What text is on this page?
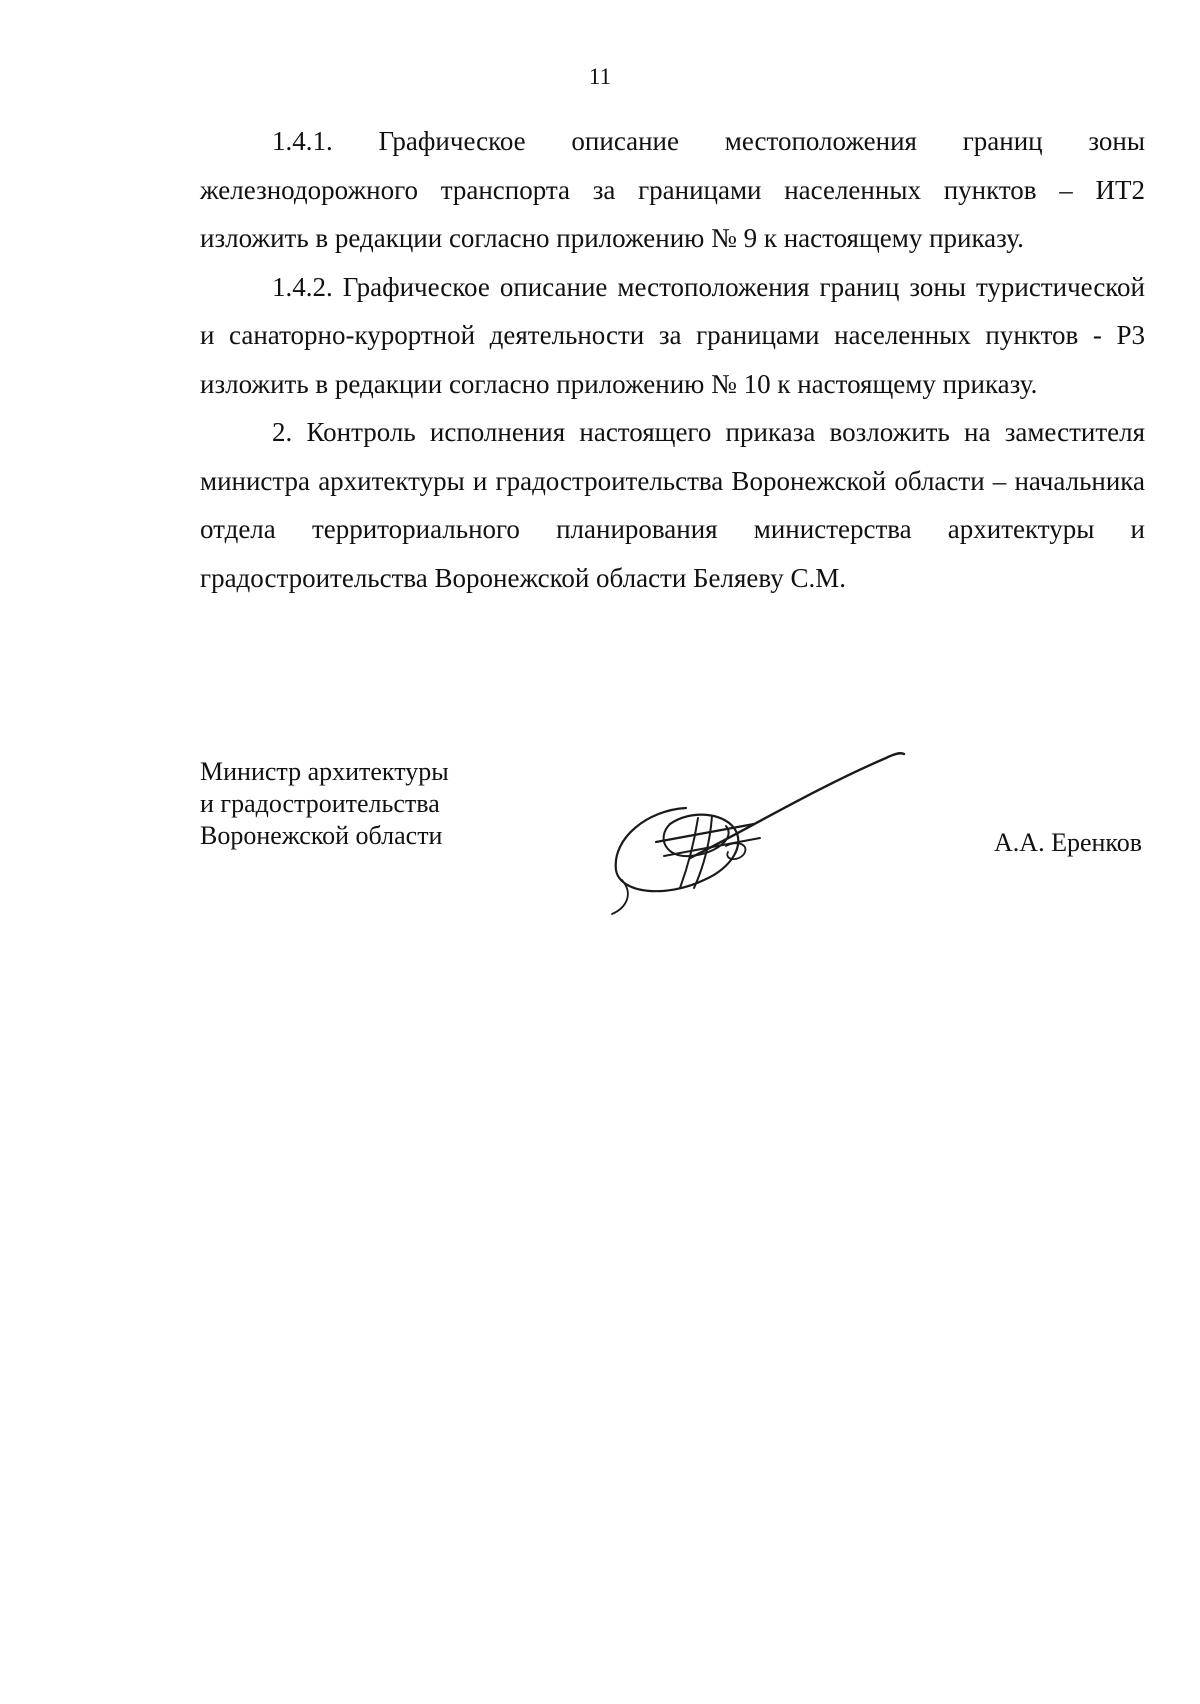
11

1.4.1. Графическое описание местоположения границ зоны железнодорожного транспорта за границами населенных пунктов – ИТ2 изложить в редакции согласно приложению № 9 к настоящему приказу.

1.4.2. Графическое описание местоположения границ зоны туристической и санаторно-курортной деятельности за границами населенных пунктов - Р3 изложить в редакции согласно приложению № 10 к настоящему приказу.

2. Контроль исполнения настоящего приказа возложить на заместителя министра архитектуры и градостроительства Воронежской области – начальника отдела территориального планирования министерства архитектуры и градостроительства Воронежской области Беляеву С.М.

Министр архитектуры
и градостроительства
Воронежской области	А.А. Еренков
